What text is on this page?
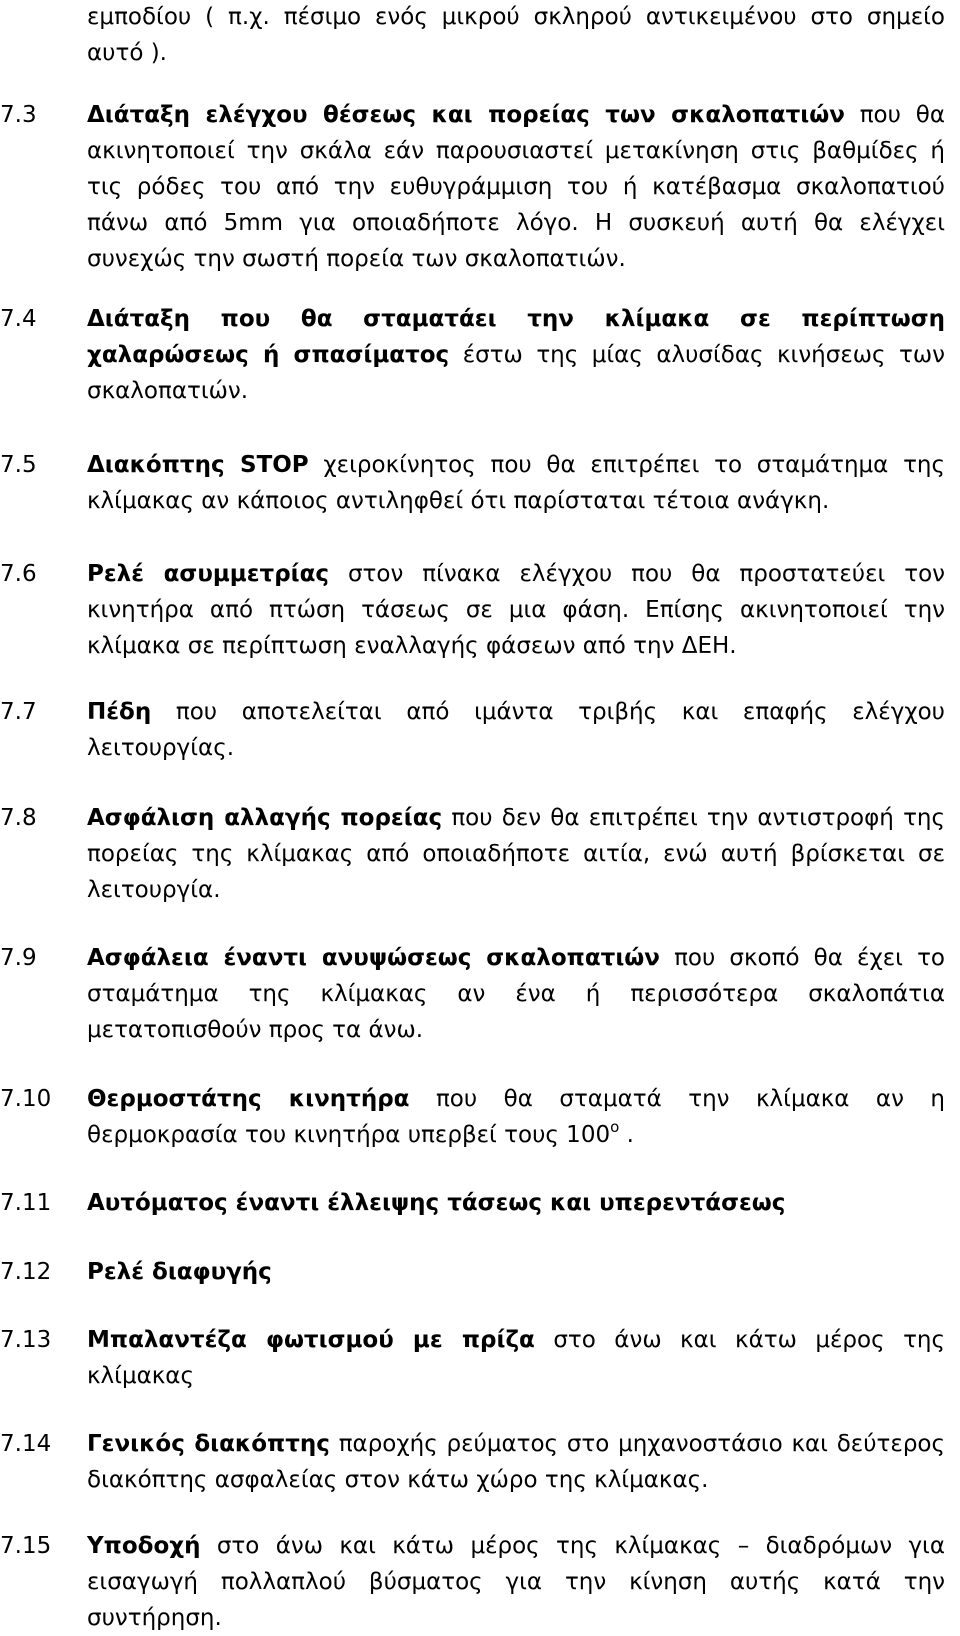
εμποδίου ( π.χ. πέσιμο ενός μικρού σκληρού αντικειμένου στο σημείο αυτό ).
7.3	Διάταξη ελέγχου θέσεως και πορείας των σκαλοπατιών που θα ακινητοποιεί την σκάλα εάν παρουσιαστεί μετακίνηση στις βαθμίδες ή τις ρόδες του από την ευθυγράμμιση του ή κατέβασμα σκαλοπατιού πάνω από 5mm για οποιαδήποτε λόγο. Η συσκευή αυτή θα ελέγχει συνεχώς την σωστή πορεία των σκαλοπατιών.
7.4	Διάταξη που θα σταματάει την κλίμακα σε περίπτωση χαλαρώσεως ή σπασίματος έστω της μίας αλυσίδας κινήσεως των σκαλοπατιών.
7.5	Διακόπτης STOP χειροκίνητος που θα επιτρέπει το σταμάτημα της κλίμακας αν κάποιος αντιληφθεί ότι παρίσταται τέτοια ανάγκη.
7.6	Ρελέ ασυμμετρίας στον πίνακα ελέγχου που θα προστατεύει τον κινητήρα από πτώση τάσεως σε μια φάση. Επίσης ακινητοποιεί την κλίμακα σε περίπτωση εναλλαγής φάσεων από την ΔΕΗ.
7.7	Πέδη που αποτελείται από ιμάντα τριβής και επαφής ελέγχου λειτουργίας.
7.8	Ασφάλιση αλλαγής πορείας που δεν θα επιτρέπει την αντιστροφή της πορείας της κλίμακας από οποιαδήποτε αιτία, ενώ αυτή βρίσκεται σε λειτουργία.
7.9	Ασφάλεια έναντι ανυψώσεως σκαλοπατιών που σκοπό θα έχει το σταμάτημα της κλίμακας αν ένα ή περισσότερα σκαλοπάτια μετατοπισθούν προς τα άνω.
7.10	Θερμοστάτης κινητήρα που θα σταματά την κλίμακα αν η θερμοκρασία του κινητήρα υπερβεί τους $100^o$ .
7.11	Αυτόματος έναντι έλλειψης τάσεως και υπερεντάσεως
7.12	Ρελέ διαφυγής
7.13	Μπαλαντέζα φωτισμού με πρίζα στο άνω και κάτω μέρος της κλίμακας
7.14	Γενικός διακόπτης παροχής ρεύματος στο μηχανοστάσιο και δεύτερος διακόπτης ασφαλείας στον κάτω χώρο της κλίμακας.
7.15	Υποδοχή στο άνω και κάτω μέρος της κλίμακας – διαδρόμων για εισαγωγή πολλαπλού βύσματος για την κίνηση αυτής κατά την συντήρηση.
